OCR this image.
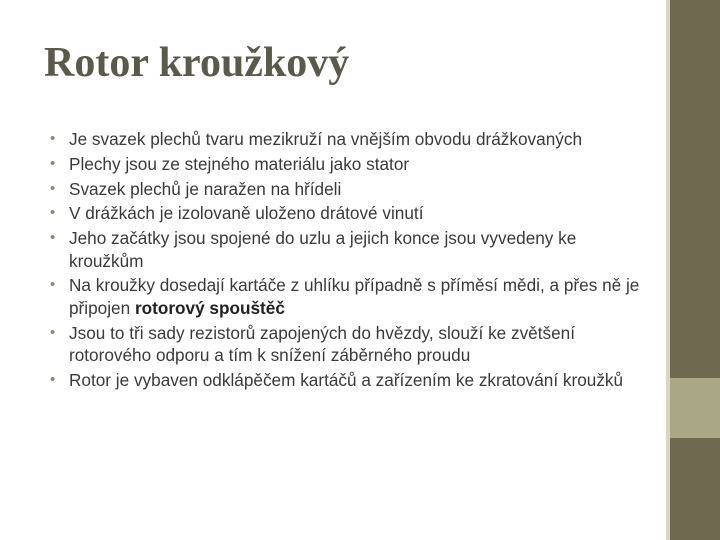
Rotor kroužkový
• Je svazek plechů tvaru mezikruží na vnějším obvodu drážkovaných
• Plechy jsou ze stejného materiálu jako stator
• Svazek plechů je naražen na hřídeli
• V drážkách je izolovaně uloženo drátové vinutí
• Jeho začátky jsou spojené do uzlu a jejich konce jsou vyvedeny ke kroužkům
• Na kroužky dosedají kartáče z uhlíku případně s příměsí mědi, a přes ně je připojen rotorový spouštěč
• Jsou to tři sady rezistorů zapojených do hvězdy, slouží ke zvětšení rotorového odporu a tím k snížení záběrného proudu
• Rotor je vybaven odklápěčem kartáčů a zařízením ke zkratování kroužků
